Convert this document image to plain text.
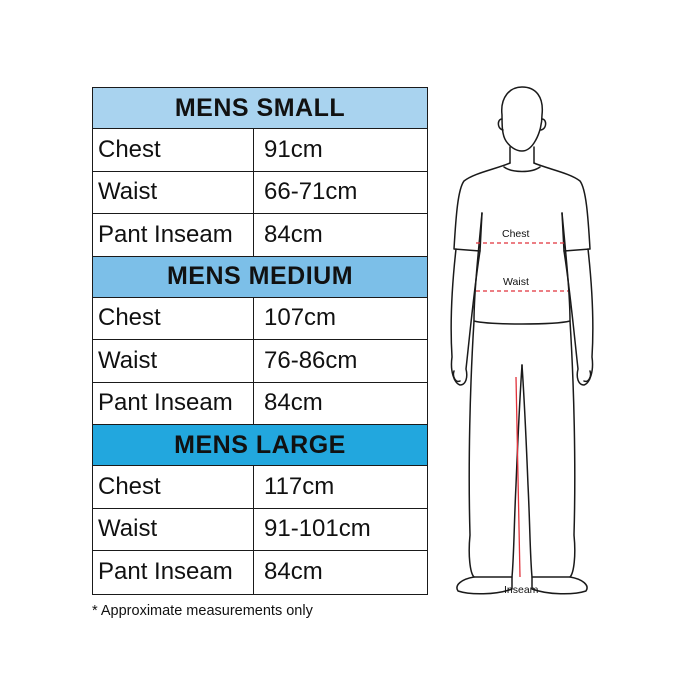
MENS SMALL
Chest	91cm
Waist	66-71cm
Pant Inseam	84cm
MENS MEDIUM
Chest	107cm
Waist	76-86cm
Pant Inseam	84cm
MENS LARGE
Chest	117cm
Waist	91-101cm
Pant Inseam	84cm
* Approximate measurements only
Chest
Waist
Inseam
